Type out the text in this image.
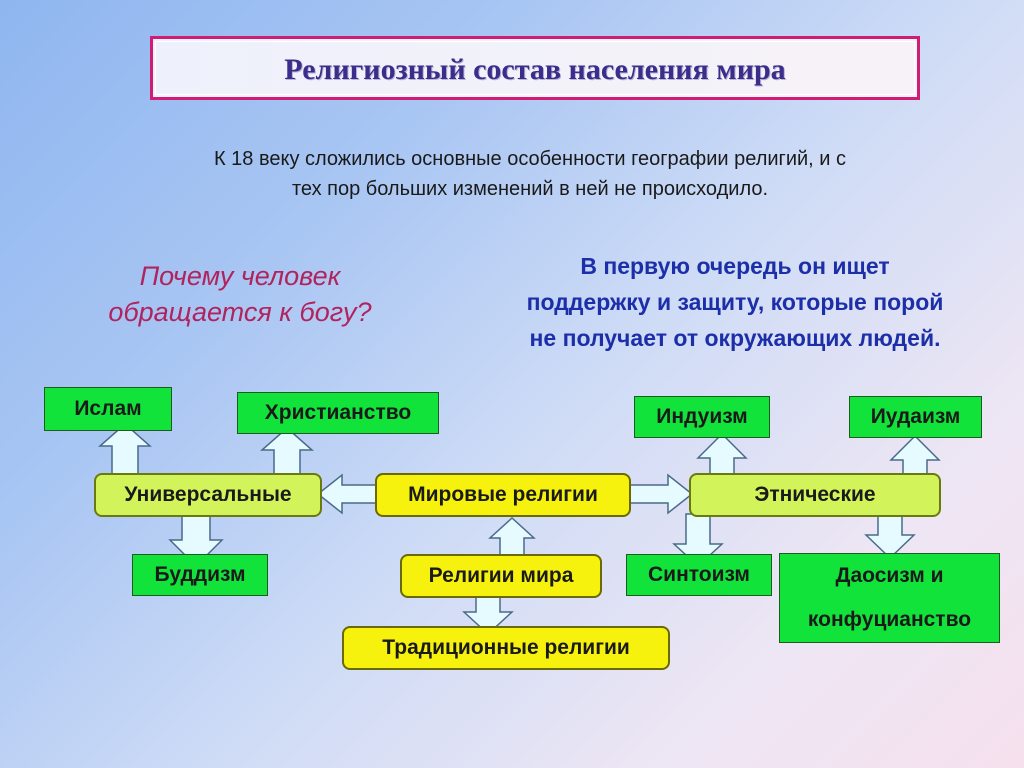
Религиозный состав населения мира
К 18 веку сложились основные особенности географии религий, и с
тех пор больших изменений в ней не происходило.
Почему человек
обращается к богу?
В первую очередь он ищет
поддержку и защиту, которые порой
не получает от окружающих людей.
Ислам	Христианство	Индуизм	Иудаизм
Универсальные	Мировые религии	Этнические
Буддизм	Религии мира	Синтоизм	Даосизм и
конфуцианство
Традиционные религии
